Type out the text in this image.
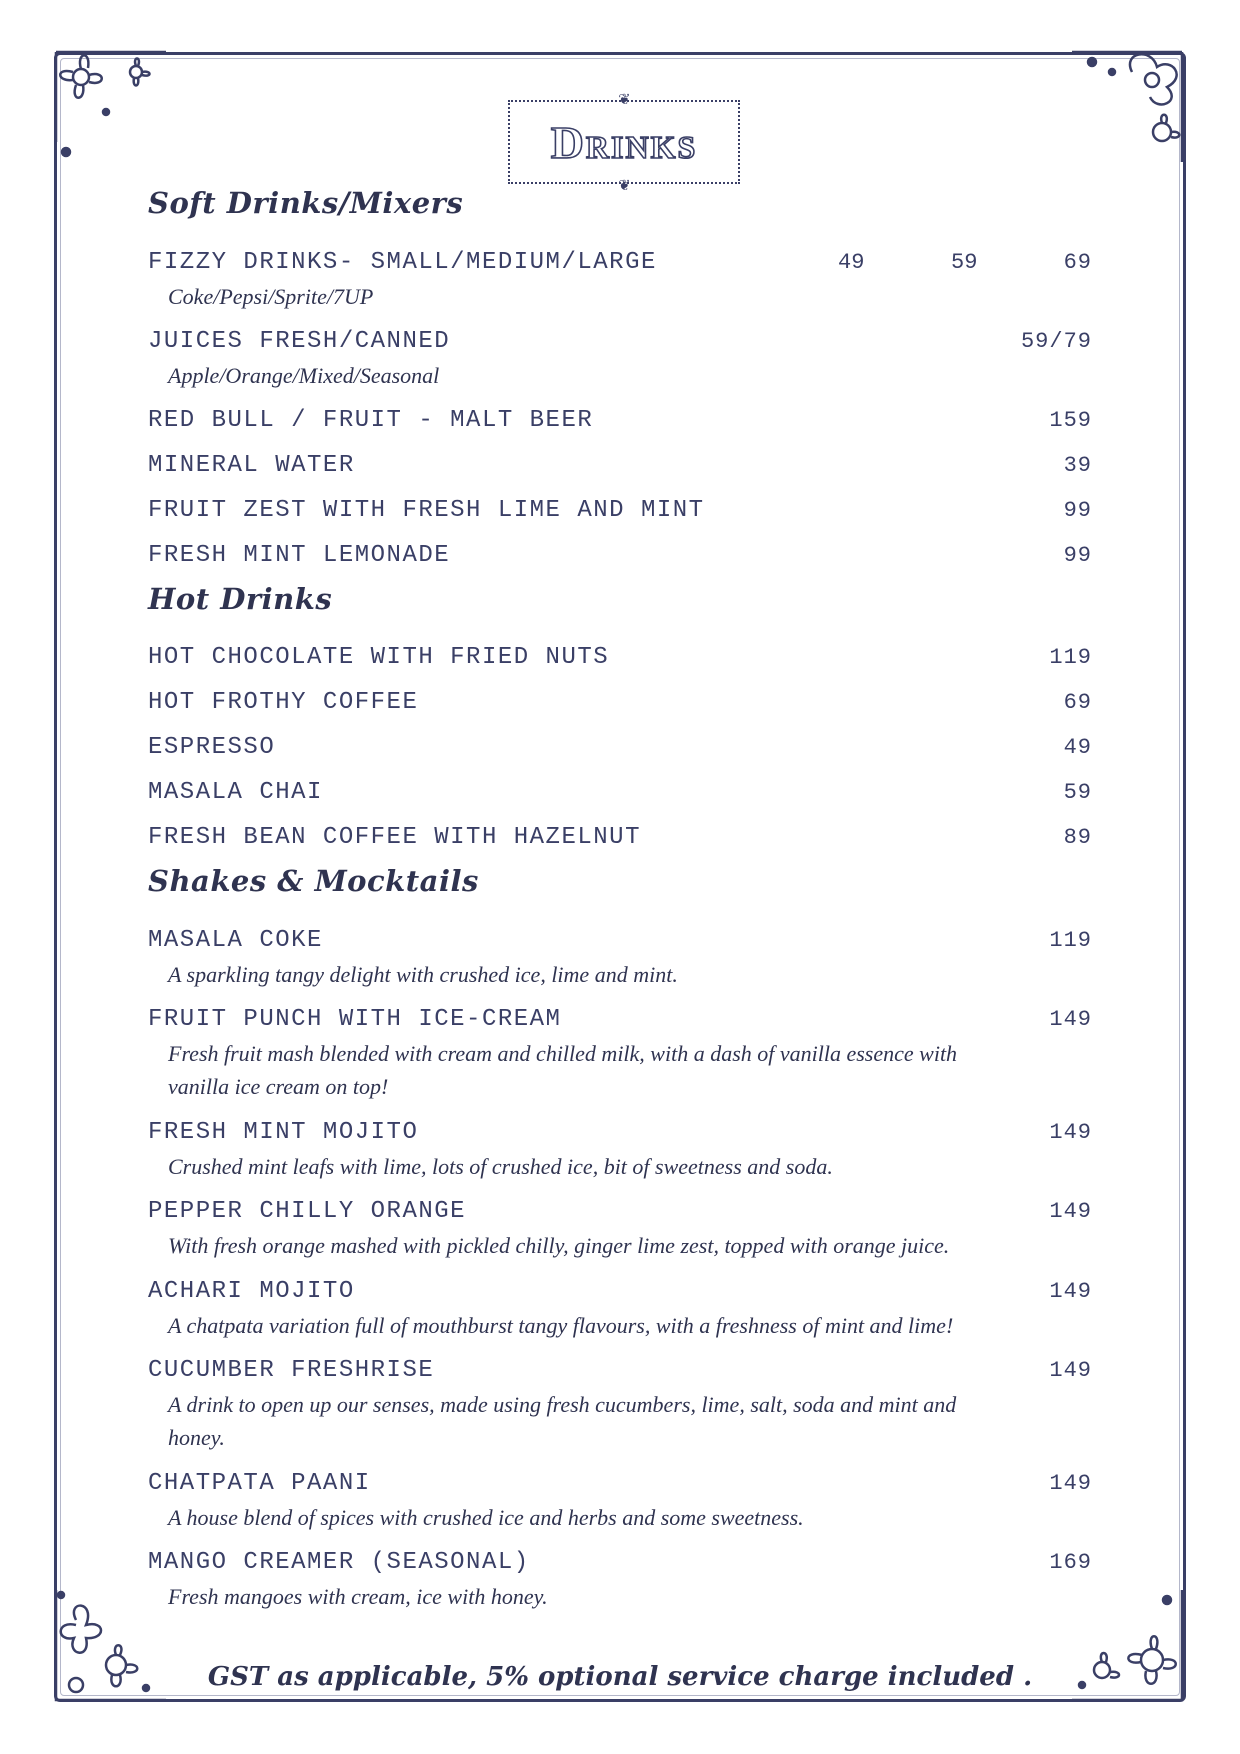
❦
Drinks
❦
Soft Drinks/Mixers
FIZZY DRINKS- SMALL/MEDIUM/LARGE	49	59	69
Coke/Pepsi/Sprite/7UP
JUICES FRESH/CANNED	59/79
Apple/Orange/Mixed/Seasonal
RED BULL / FRUIT - MALT BEER	159
MINERAL WATER	39
FRUIT ZEST WITH FRESH LIME AND MINT	99
FRESH MINT LEMONADE	99
Hot Drinks
HOT CHOCOLATE WITH FRIED NUTS	119
HOT FROTHY COFFEE	69
ESPRESSO	49
MASALA CHAI	59
FRESH BEAN COFFEE WITH HAZELNUT	89
Shakes & Mocktails
MASALA COKE	119
A sparkling tangy delight with crushed ice, lime and mint.
FRUIT PUNCH WITH ICE-CREAM	149
Fresh fruit mash blended with cream and chilled milk, with a dash of vanilla essence with vanilla ice cream on top!
FRESH MINT MOJITO	149
Crushed mint leafs with lime, lots of crushed ice, bit of sweetness and soda.
PEPPER CHILLY ORANGE	149
With fresh orange mashed with pickled chilly, ginger lime zest, topped with orange juice.
ACHARI MOJITO	149
A chatpata variation full of mouthburst tangy flavours, with a freshness of mint and lime!
CUCUMBER FRESHRISE	149
A drink to open up our senses, made using fresh cucumbers, lime, salt, soda and mint and honey.
CHATPATA PAANI	149
A house blend of spices with crushed ice and herbs and some sweetness.
MANGO CREAMER (SEASONAL)	169
Fresh mangoes with cream, ice with honey.
GST as applicable, 5% optional service charge included .
